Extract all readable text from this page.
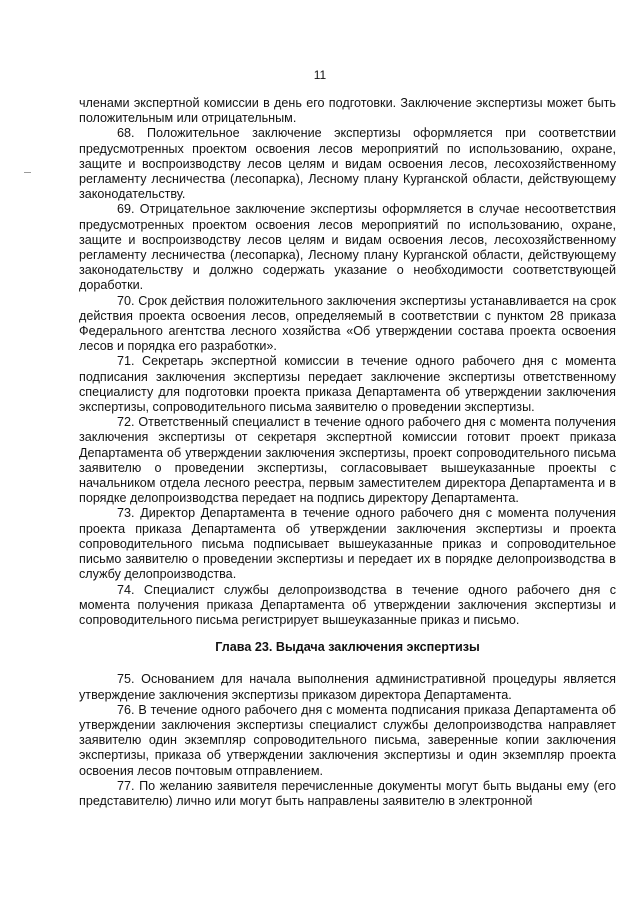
11

членами экспертной комиссии в день его подготовки. Заключение экспертизы может быть положительным или отрицательным.

68. Положительное заключение экспертизы оформляется при соответствии предусмотренных проектом освоения лесов мероприятий по использованию, охране, защите и воспроизводству лесов целям и видам освоения лесов, лесохозяйственному регламенту лесничества (лесопарка), Лесному плану Курганской области, действующему законодательству.

69. Отрицательное заключение экспертизы оформляется в случае несоответствия предусмотренных проектом освоения лесов мероприятий по использованию, охране, защите и воспроизводству лесов целям и видам освоения лесов, лесохозяйственному регламенту лесничества (лесопарка), Лесному плану Курганской области, действующему законодательству и должно содержать указание о необходимости соответствующей доработки.

70. Срок действия положительного заключения экспертизы устанавливается на срок действия проекта освоения лесов, определяемый в соответствии с пунктом 28 приказа Федерального агентства лесного хозяйства «Об утверждении состава проекта освоения лесов и порядка его разработки».

71. Секретарь экспертной комиссии в течение одного рабочего дня с момента подписания заключения экспертизы передает заключение экспертизы ответственному специалисту для подготовки проекта приказа Департамента об утверждении заключения экспертизы, сопроводительного письма заявителю о проведении экспертизы.

72. Ответственный специалист в течение одного рабочего дня с момента получения заключения экспертизы от секретаря экспертной комиссии готовит проект приказа Департамента об утверждении заключения экспертизы, проект сопроводительного письма заявителю о проведении экспертизы, согласовывает вышеуказанные проекты с начальником отдела лесного реестра, первым заместителем директора Департамента и в порядке делопроизводства передает на подпись директору Департамента.

73. Директор Департамента в течение одного рабочего дня с момента получения проекта приказа Департамента об утверждении заключения экспертизы и проекта сопроводительного письма подписывает вышеуказанные приказ и сопроводительное письмо заявителю о проведении экспертизы и передает их в порядке делопроизводства в службу делопроизводства.

74. Специалист службы делопроизводства в течение одного рабочего дня с момента получения приказа Департамента об утверждении заключения экспертизы и сопроводительного письма регистрирует вышеуказанные приказ и письмо.

Глава 23. Выдача заключения экспертизы

75. Основанием для начала выполнения административной процедуры является утверждение заключения экспертизы приказом директора Департамента.

76. В течение одного рабочего дня с момента подписания приказа Департамента об утверждении заключения экспертизы специалист службы делопроизводства направляет заявителю один экземпляр сопроводительного письма, заверенные копии заключения экспертизы, приказа об утверждении заключения экспертизы и один экземпляр проекта освоения лесов почтовым отправлением.

77. По желанию заявителя перечисленные документы могут быть выданы ему (его представителю) лично или могут быть направлены заявителю в электронной
